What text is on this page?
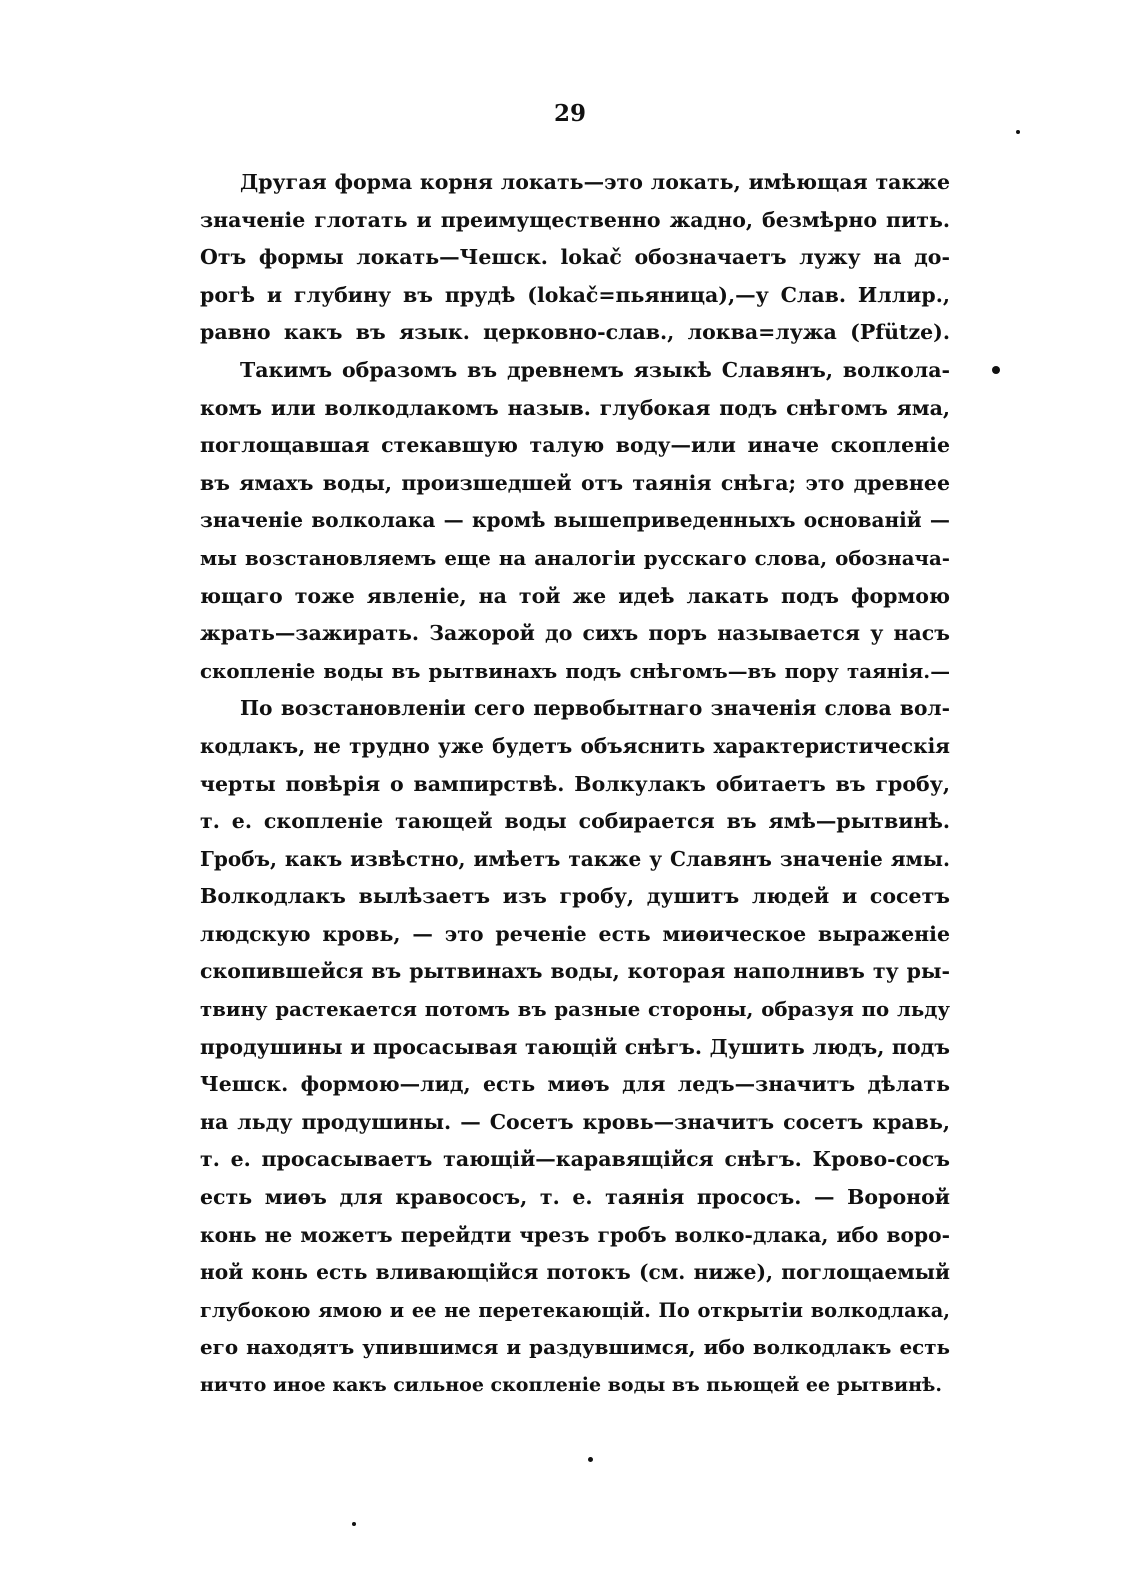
29
Другая форма корня локать—это локать, имѣющая также
значеніе глотать и преимущественно жадно, безмѣрно пить.
Отъ формы локать—Чешск. lokač обозначаетъ лужу на до-
рогѣ и глубину въ прудѣ (lokač=пьяница),—у Слав. Иллир.,
равно какъ въ язык. церковно-слав., локва=лужа (Pfütze).
Такимъ образомъ въ древнемъ языкѣ Славянъ, волкола-
комъ или волкодлакомъ назыв. глубокая подъ снѣгомъ яма,
поглощавшая стекавшую талую воду—или иначе скопленіе
въ ямахъ воды, произшедшей отъ таянія снѣга; это древнее
значеніе волколака — кромѣ вышеприведенныхъ основаній —
мы возстановляемъ еще на аналогіи русскаго слова, обознача-
ющаго тоже явленіе, на той же идеѣ лакать подъ формою
жрать—зажирать. Зажорой до сихъ поръ называется у насъ
скопленіе воды въ рытвинахъ подъ снѣгомъ—въ пору таянія.—
По возстановленіи сего первобытнаго значенія слова вол-
кодлакъ, не трудно уже будетъ объяснить характеристическія
черты повѣрія о вампирствѣ. Волкулакъ обитаетъ въ гробу,
т. е. скопленіе тающей воды собирается въ ямѣ—рытвинѣ.
Гробъ, какъ извѣстно, имѣетъ также у Славянъ значеніе ямы.
Волкодлакъ вылѣзаетъ изъ гробу, душитъ людей и сосетъ
людскую кровь, — это реченіе есть миѳическое выраженіе
скопившейся въ рытвинахъ воды, которая наполнивъ ту ры-
твину растекается потомъ въ разные стороны, образуя по льду
продушины и просасывая тающій снѣгъ. Душить людъ, подъ
Чешск. формою—лид, есть миѳъ для ледъ—значитъ дѣлать
на льду продушины. — Сосетъ кровь—значитъ сосетъ кравь,
т. е. просасываетъ тающій—каравящійся снѣгъ. Крово-сосъ
есть миѳъ для кравососъ, т. е. таянія прососъ. — Вороной
конь не можетъ перейдти чрезъ гробъ волко-длака, ибо воро-
ной конь есть вливающійся потокъ (см. ниже), поглощаемый
глубокою ямою и ее не перетекающій. По открытіи волкодлака,
его находятъ упившимся и раздувшимся, ибо волкодлакъ есть
ничто иное какъ сильное скопленіе воды въ пьющей ее рытвинѣ.
